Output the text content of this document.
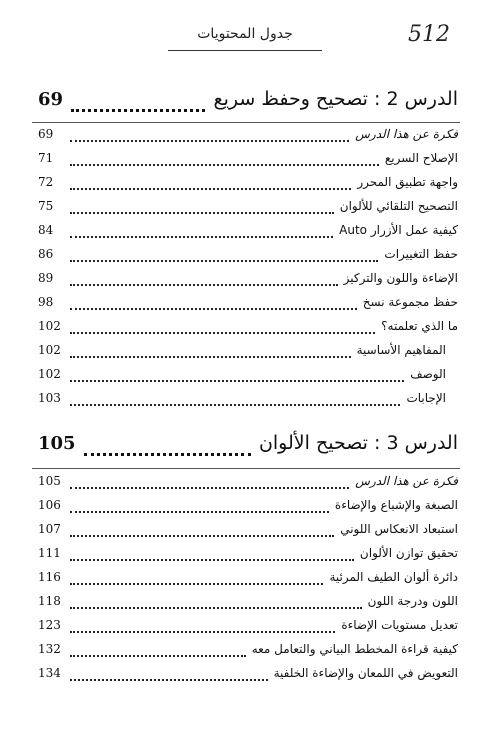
512
جدول المحتويات
الدرس 2 : تصحيح وحفظ سريع
69
فكرة عن هذا الدرس
69
الإصلاح السريع
71
واجهة تطبيق المحرر
72
التصحيح التلقائي للألوان
75
كيفية عمل الأزرار Auto
84
حفظ التغييرات
86
الإضاءة واللون والتركيز
89
حفظ مجموعة نسخ
98
ما الذي تعلمته؟
102
المفاهيم الأساسية
102
الوصف
102
الإجابات
103
الدرس 3 : تصحيح الألوان
105
فكرة عن هذا الدرس
105
الصبغة والإشباع والإضاءة
106
استبعاد الانعكاس اللوني
107
تحقيق توازن الألوان
111
دائرة ألوان الطيف المرئية
116
اللون ودرجة اللون
118
تعديل مستويات الإضاءة
123
كيفية قراءة المخطط البياني والتعامل معه
132
التعويض في اللمعان والإضاءة الخلفية
134
